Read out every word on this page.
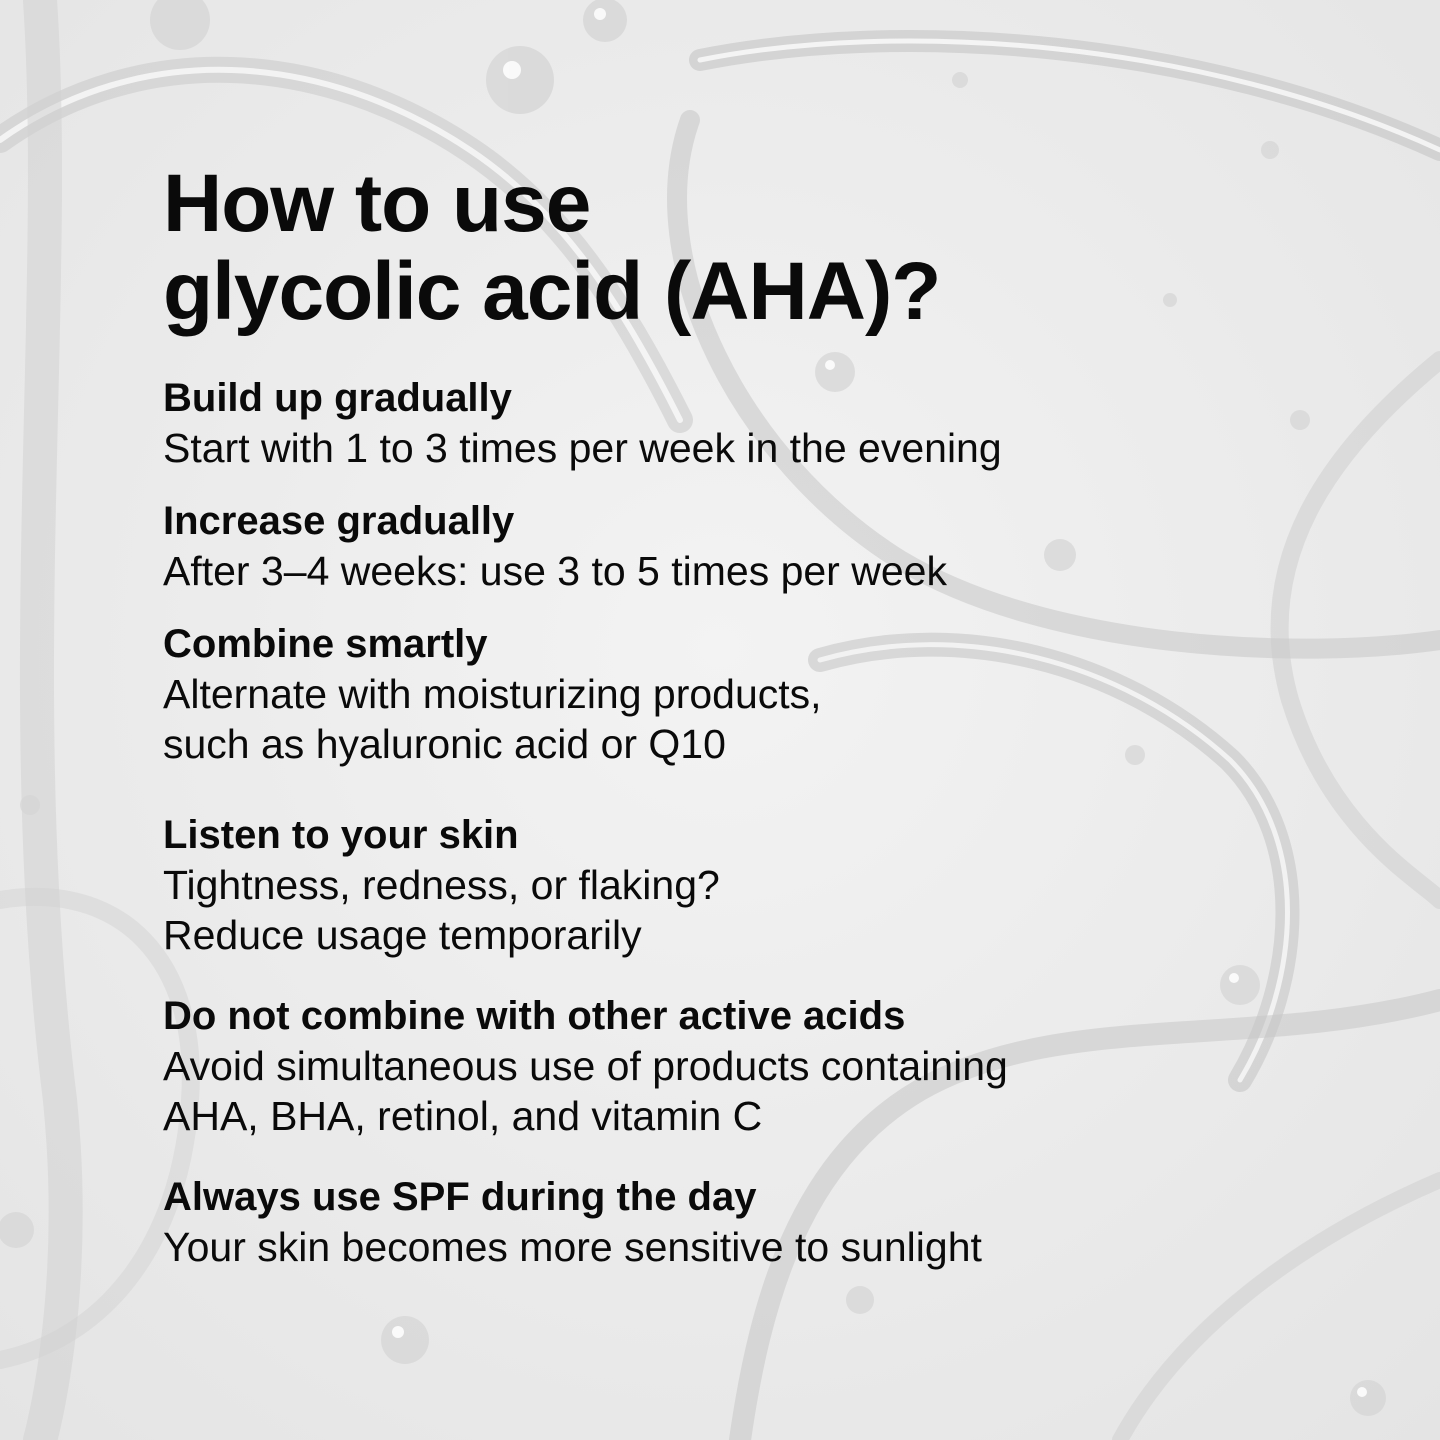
How to use
glycolic acid (AHA)?
Build up gradually
Start with 1 to 3 times per week in the evening
Increase gradually
After 3–4 weeks: use 3 to 5 times per week
Combine smartly
Alternate with moisturizing products,
such as hyaluronic acid or Q10
Listen to your skin
Tightness, redness, or flaking?
Reduce usage temporarily
Do not combine with other active acids
Avoid simultaneous use of products containing
AHA, BHA, retinol, and vitamin C
Always use SPF during the day
Your skin becomes more sensitive to sunlight
